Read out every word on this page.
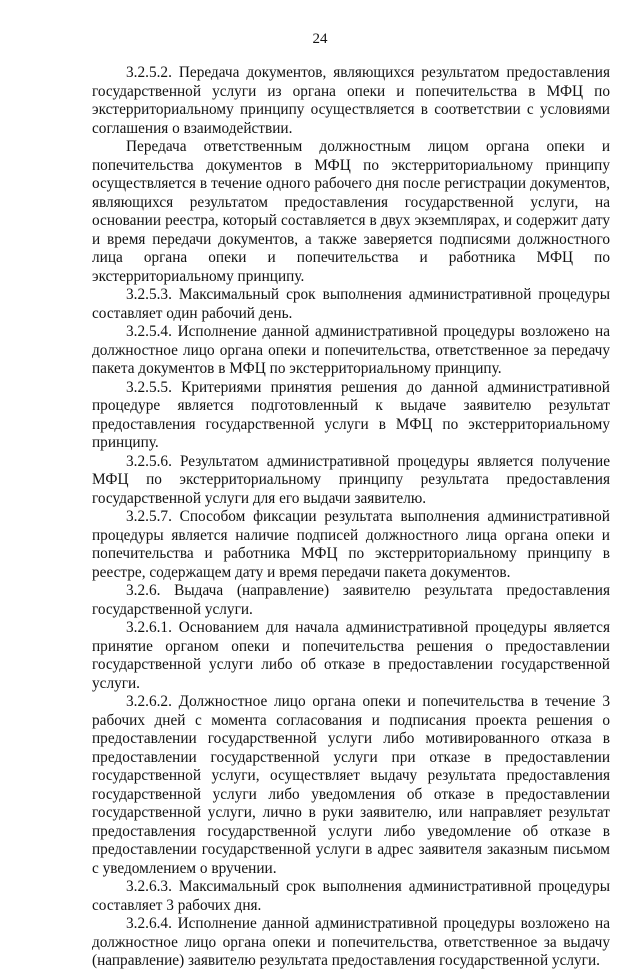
24

3.2.5.2. Передача документов, являющихся результатом предоставления государственной услуги из органа опеки и попечительства в МФЦ по экстерриториальному принципу осуществляется в соответствии с условиями соглашения о взаимодействии.

Передача ответственным должностным лицом органа опеки и попечительства документов в МФЦ по экстерриториальному принципу осуществляется в течение одного рабочего дня после регистрации документов, являющихся результатом предоставления государственной услуги, на основании реестра, который составляется в двух экземплярах, и содержит дату и время передачи документов, а также заверяется подписями должностного лица органа опеки и попечительства и работника МФЦ по экстерриториальному принципу.

3.2.5.3. Максимальный срок выполнения административной процедуры составляет один рабочий день.

3.2.5.4. Исполнение данной административной процедуры возложено на должностное лицо органа опеки и попечительства, ответственное за передачу пакета документов в МФЦ по экстерриториальному принципу.

3.2.5.5. Критериями принятия решения до данной административной процедуре является подготовленный к выдаче заявителю результат предоставления государственной услуги в МФЦ по экстерриториальному принципу.

3.2.5.6. Результатом административной процедуры является получение МФЦ по экстерриториальному принципу результата предоставления государственной услуги для его выдачи заявителю.

3.2.5.7. Способом фиксации результата выполнения административной процедуры является наличие подписей должностного лица органа опеки и попечительства и работника МФЦ по экстерриториальному принципу в реестре, содержащем дату и время передачи пакета документов.

3.2.6. Выдача (направление) заявителю результата предоставления государственной услуги.

3.2.6.1. Основанием для начала административной процедуры является принятие органом опеки и попечительства решения о предоставлении государственной услуги либо об отказе в предоставлении государственной услуги.

3.2.6.2. Должностное лицо органа опеки и попечительства в течение 3 рабочих дней с момента согласования и подписания проекта решения о предоставлении государственной услуги либо мотивированного отказа в предоставлении государственной услуги при отказе в предоставлении государственной услуги, осуществляет выдачу результата предоставления государственной услуги либо уведомления об отказе в предоставлении государственной услуги, лично в руки заявителю, или направляет результат предоставления государственной услуги либо уведомление об отказе в предоставлении государственной услуги в адрес заявителя заказным письмом с уведомлением о вручении.

3.2.6.3. Максимальный срок выполнения административной процедуры составляет 3 рабочих дня.

3.2.6.4. Исполнение данной административной процедуры возложено на должностное лицо органа опеки и попечительства, ответственное за выдачу (направление) заявителю результата предоставления государственной услуги.
